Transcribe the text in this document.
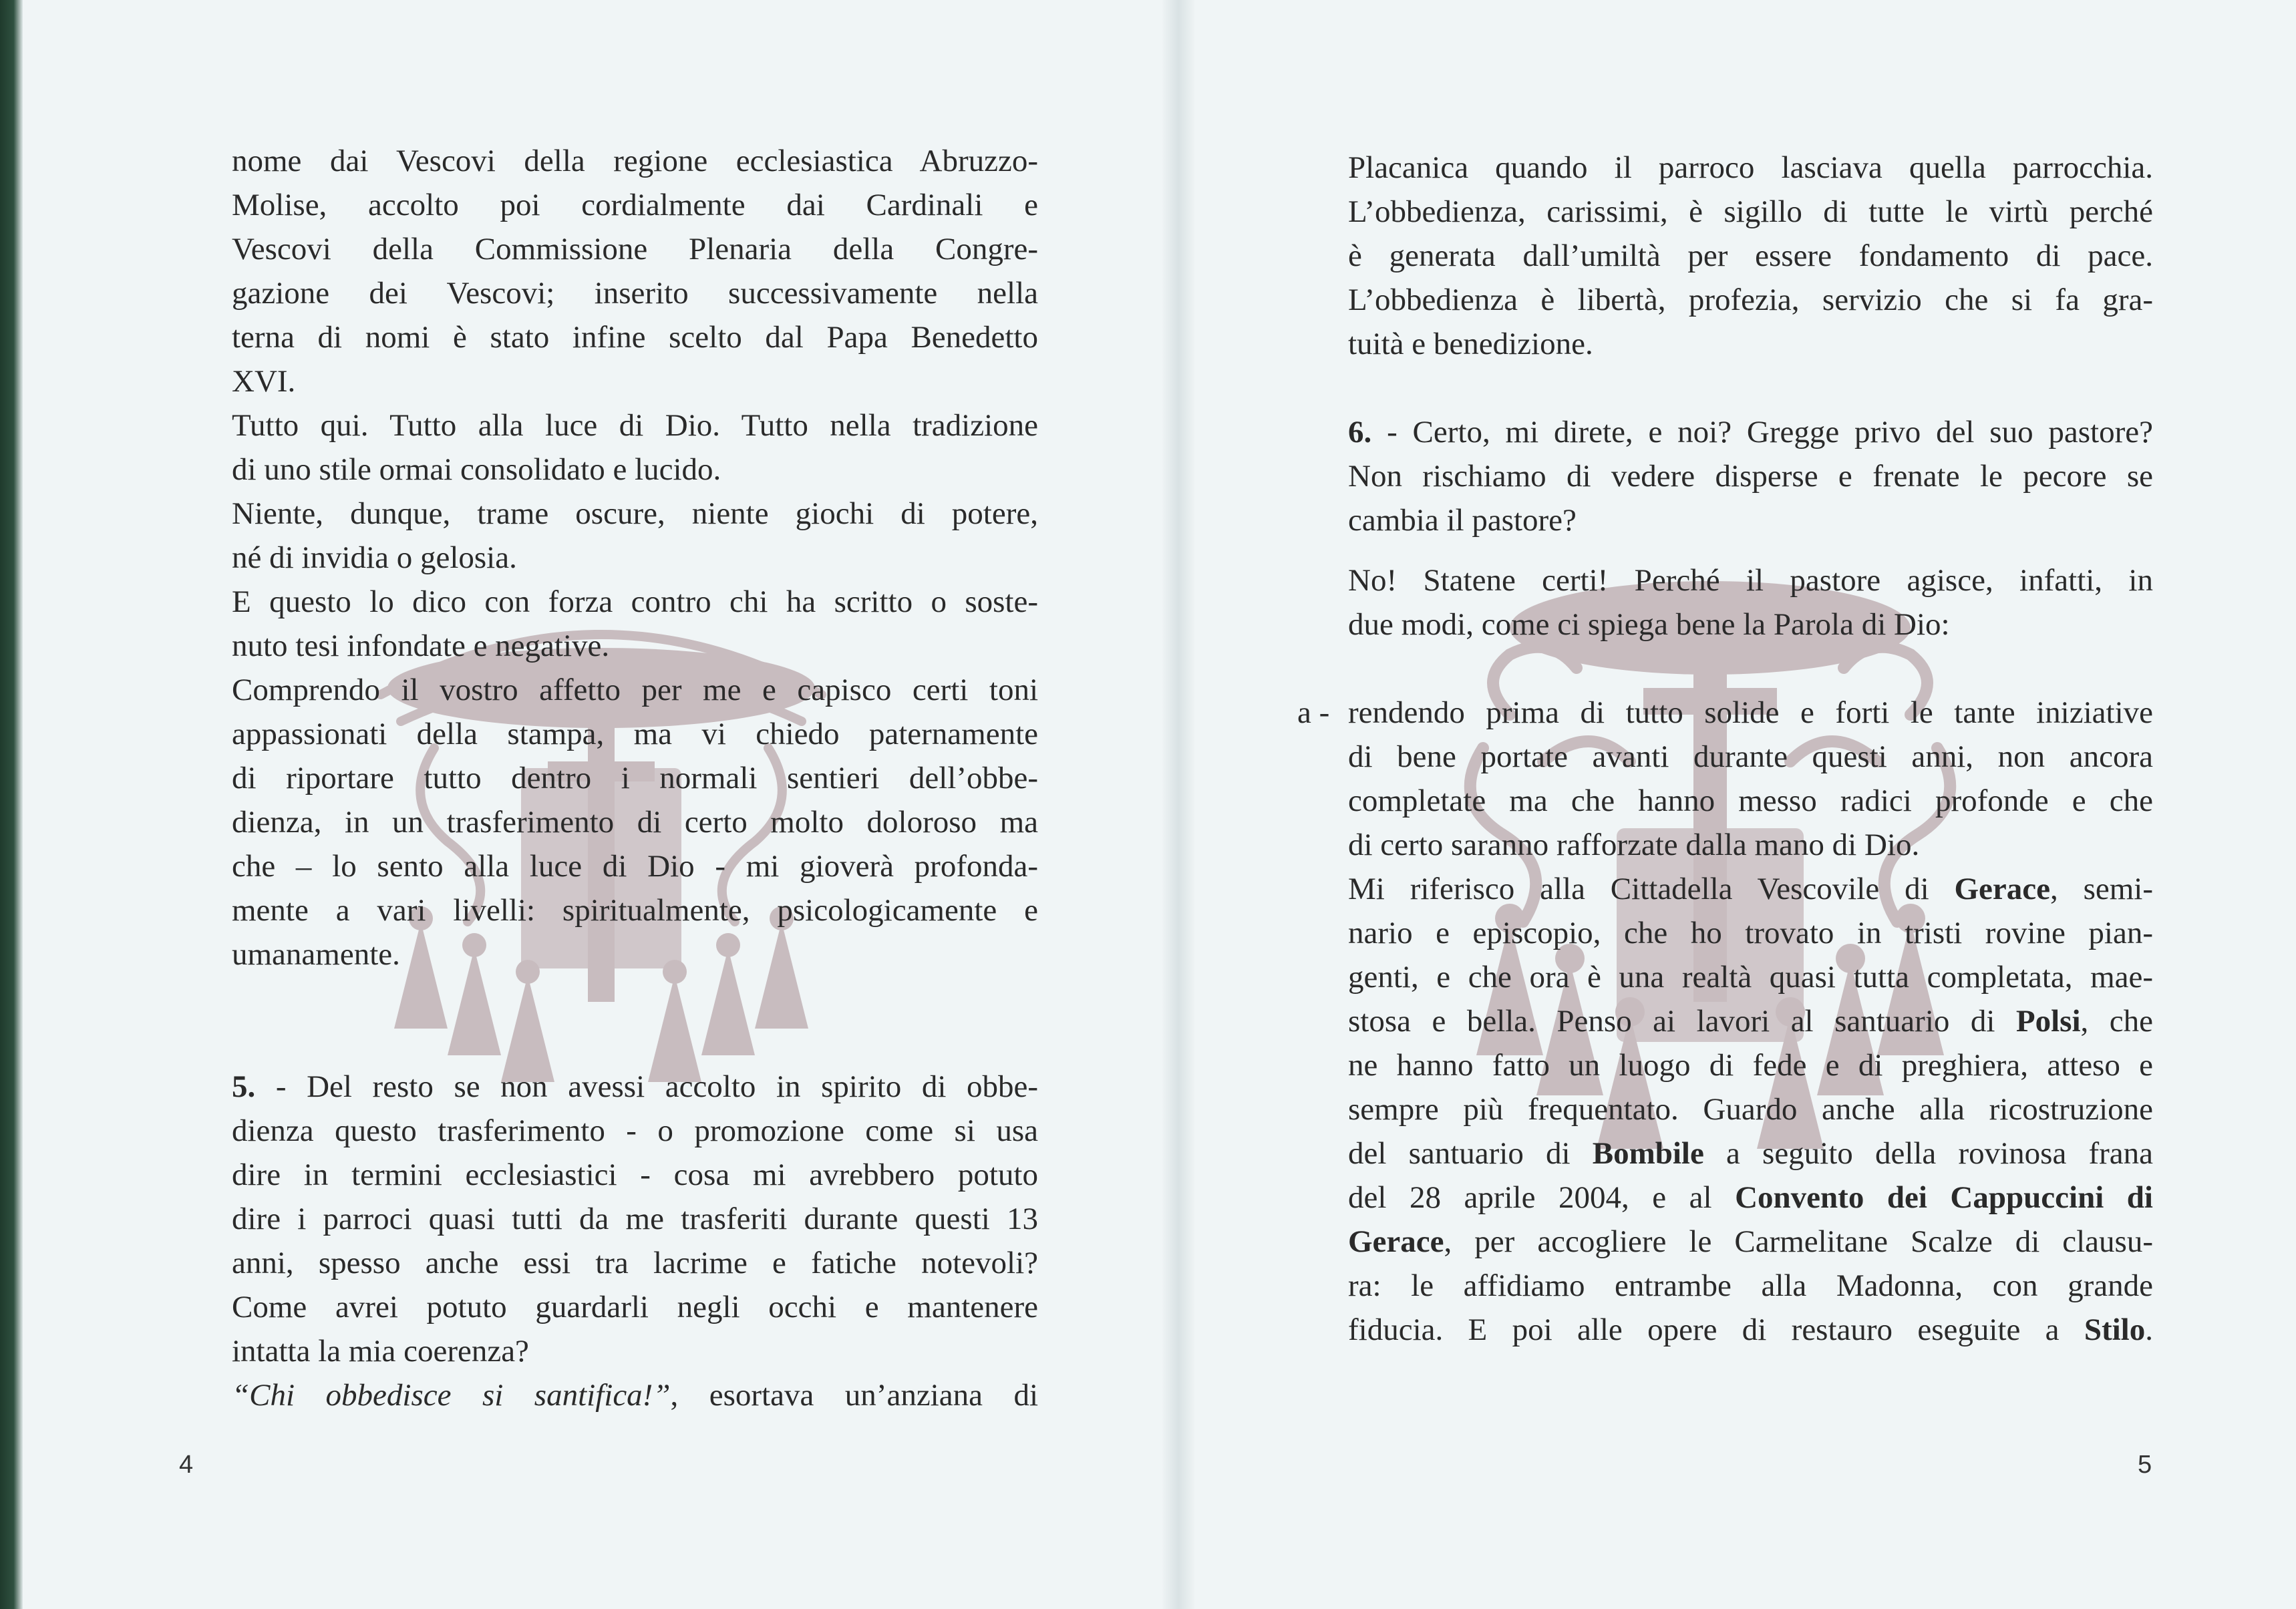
nome dai Vescovi della regione ecclesiastica Abruzzo-
Molise, accolto poi cordialmente dai Cardinali e
Vescovi della Commissione Plenaria della Congre-
gazione dei Vescovi; inserito successivamente nella
terna di nomi è stato infine scelto dal Papa Benedetto
XVI.
Tutto qui. Tutto alla luce di Dio. Tutto nella tradizione
di uno stile ormai consolidato e lucido.
Niente, dunque, trame oscure, niente giochi di potere,
né di invidia o gelosia.
E questo lo dico con forza contro chi ha scritto o soste-
nuto tesi infondate e negative.
Comprendo il vostro affetto per me e capisco certi toni
appassionati della stampa, ma vi chiedo paternamente
di riportare tutto dentro i normali sentieri dell’obbe-
dienza, in un trasferimento di certo molto doloroso ma
che – lo sento alla luce di Dio - mi gioverà profonda-
mente a vari livelli: spiritualmente, psicologicamente e
umanamente.
5. - Del resto se non avessi accolto in spirito di obbe-
dienza questo trasferimento - o promozione come si usa
dire in termini ecclesiastici - cosa mi avrebbero potuto
dire i parroci quasi tutti da me trasferiti durante questi 13
anni, spesso anche essi tra lacrime e fatiche notevoli?
Come avrei potuto guardarli negli occhi e mantenere
intatta la mia coerenza?
“Chi obbedisce si santifica!”, esortava un’anziana di
4
Placanica quando il parroco lasciava quella parrocchia.
L’obbedienza, carissimi, è sigillo di tutte le virtù perché
è generata dall’umiltà per essere fondamento di pace.
L’obbedienza è libertà, profezia, servizio che si fa gra-
tuità e benedizione.
6. - Certo, mi direte, e noi? Gregge privo del suo pastore?
Non rischiamo di vedere disperse e frenate le pecore se
cambia il pastore?
No! Statene certi! Perché il pastore agisce, infatti, in
due modi, come ci spiega bene la Parola di Dio:
a - rendendo prima di tutto solide e forti le tante iniziative
di bene portate avanti durante questi anni, non ancora
completate ma che hanno messo radici profonde e che
di certo saranno rafforzate dalla mano di Dio.
Mi riferisco alla Cittadella Vescovile di Gerace, semi-
nario e episcopio, che ho trovato in tristi rovine pian-
genti, e che ora è una realtà quasi tutta completata, mae-
stosa e bella. Penso ai lavori al santuario di Polsi, che
ne hanno fatto un luogo di fede e di preghiera, atteso e
sempre più frequentato. Guardo anche alla ricostruzione
del santuario di Bombile a seguito della rovinosa frana
del 28 aprile 2004, e al Convento dei Cappuccini di
Gerace, per accogliere le Carmelitane Scalze di clausu-
ra: le affidiamo entrambe alla Madonna, con grande
fiducia. E poi alle opere di restauro eseguite a Stilo.
5
